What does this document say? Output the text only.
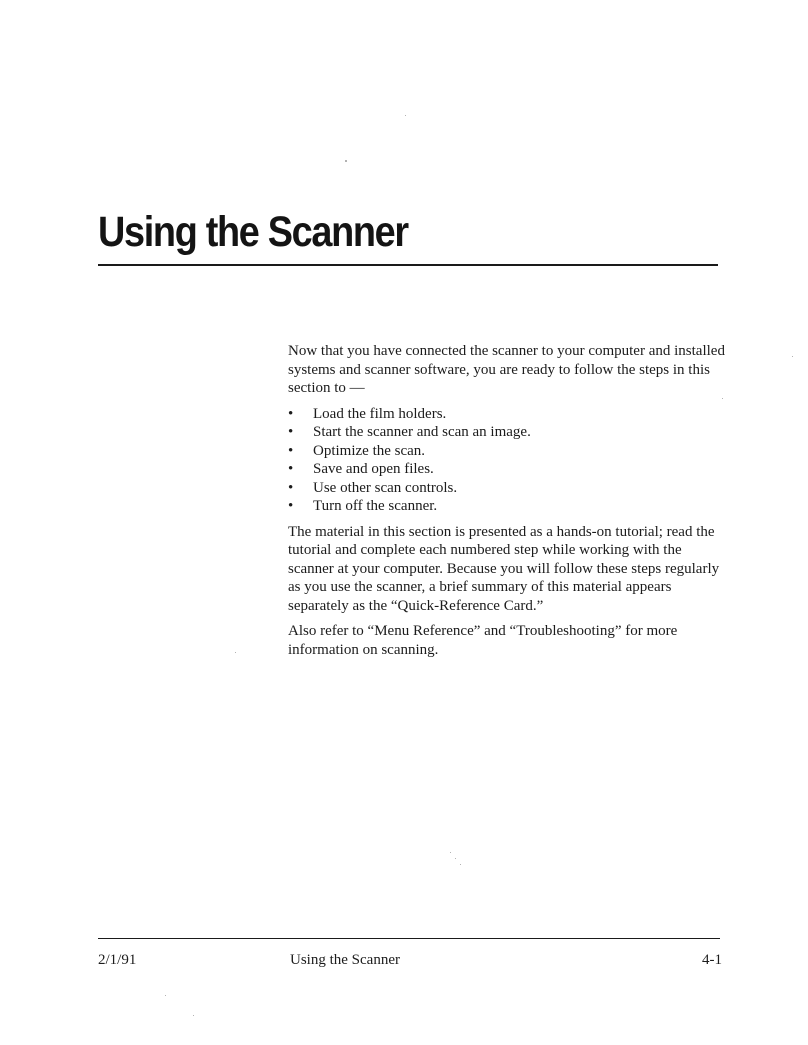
Using the Scanner

Now that you have connected the scanner to your computer and installed systems and scanner software, you are ready to follow the steps in this section to —

• Load the film holders.
• Start the scanner and scan an image.
• Optimize the scan.
• Save and open files.
• Use other scan controls.
• Turn off the scanner.

The material in this section is presented as a hands-on tutorial; read the tutorial and complete each numbered step while working with the scanner at your computer. Because you will follow these steps regularly as you use the scanner, a brief summary of this material appears separately as the “Quick-Reference Card.”

Also refer to “Menu Reference” and “Troubleshooting” for more information on scanning.

2/1/91	Using the Scanner	4-1
